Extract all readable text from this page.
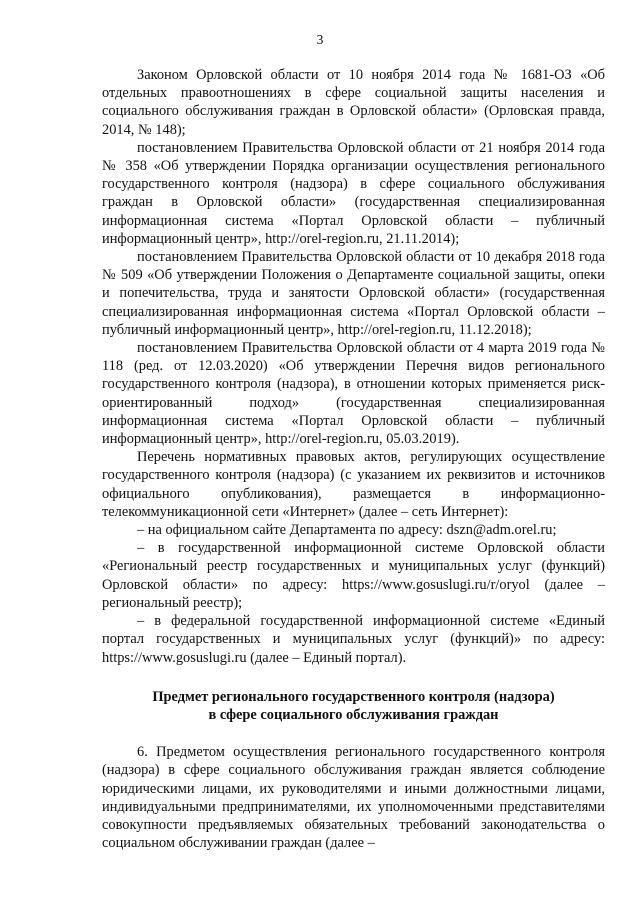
3

Законом Орловской области от 10 ноября 2014 года № 1681-ОЗ «Об отдельных правоотношениях в сфере социальной защиты населения и социального обслуживания граждан в Орловской области» (Орловская правда, 2014, № 148);

постановлением Правительства Орловской области от 21 ноября 2014 года № 358 «Об утверждении Порядка организации осуществления регионального государственного контроля (надзора) в сфере социального обслуживания граждан в Орловской области» (государственная специализированная информационная система «Портал Орловской области – публичный информационный центр», http://orel-region.ru, 21.11.2014);

постановлением Правительства Орловской области от 10 декабря 2018 года № 509 «Об утверждении Положения о Департаменте социальной защиты, опеки и попечительства, труда и занятости Орловской области» (государственная специализированная информационная система «Портал Орловской области – публичный информационный центр», http://orel-region.ru, 11.12.2018);

постановлением Правительства Орловской области от 4 марта 2019 года № 118 (ред. от 12.03.2020) «Об утверждении Перечня видов регионального государственного контроля (надзора), в отношении которых применяется риск-ориентированный подход» (государственная специализированная информационная система «Портал Орловской области – публичный информационный центр», http://orel-region.ru, 05.03.2019).

Перечень нормативных правовых актов, регулирующих осуществление государственного контроля (надзора) (с указанием их реквизитов и источников официального опубликования), размещается в информационно-телекоммуникационной сети «Интернет» (далее – сеть Интернет):

– на официальном сайте Департамента по адресу: dszn@adm.orel.ru;

– в государственной информационной системе Орловской области «Региональный реестр государственных и муниципальных услуг (функций) Орловской области» по адресу: https://www.gosuslugi.ru/r/oryol (далее – региональный реестр);

– в федеральной государственной информационной системе «Единый портал государственных и муниципальных услуг (функций)» по адресу: https://www.gosuslugi.ru (далее – Единый портал).

Предмет регионального государственного контроля (надзора)
в сфере социального обслуживания граждан

6. Предметом осуществления регионального государственного контроля (надзора) в сфере социального обслуживания граждан является соблюдение юридическими лицами, их руководителями и иными должностными лицами, индивидуальными предпринимателями, их уполномоченными представителями совокупности предъявляемых обязательных требований законодательства о социальном обслуживании граждан (далее –
